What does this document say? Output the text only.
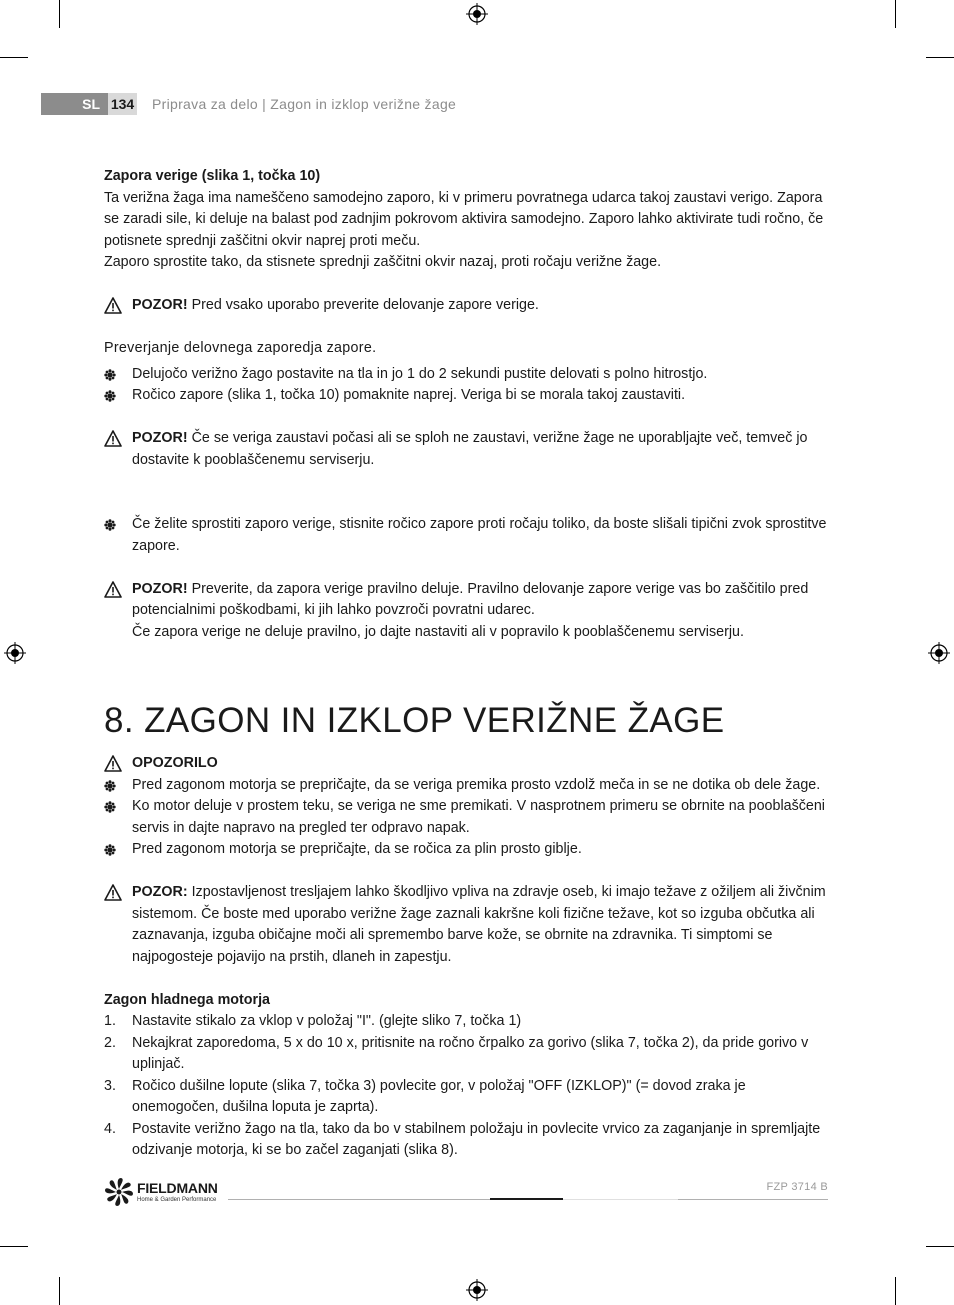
SL 134 Priprava za delo | Zagon in izklop verižne žage

Zapora verige (slika 1, točka 10)

Ta verižna žaga ima nameščeno samodejno zaporo, ki v primeru povratnega udarca takoj zaustavi verigo. Zapora se zaradi sile, ki deluje na balast pod zadnjim pokrovom aktivira samodejno. Zaporo lahko aktivirate tudi ročno, če potisnete sprednji zaščitni okvir naprej proti meču.

Zaporo sprostite tako, da stisnete sprednji zaščitni okvir nazaj, proti ročaju verižne žage.

POZOR! Pred vsako uporabo preverite delovanje zapore verige.

Preverjanje delovnega zaporedja zapore.

Delujočo verižno žago postavite na tla in jo 1 do 2 sekundi pustite delovati s polno hitrostjo.

Ročico zapore (slika 1, točka 10) pomaknite naprej. Veriga bi se morala takoj zaustaviti.

POZOR! Če se veriga zaustavi počasi ali se sploh ne zaustavi, verižne žage ne uporabljajte več, temveč jo dostavite k pooblaščenemu serviserju.

Če želite sprostiti zaporo verige, stisnite ročico zapore proti ročaju toliko, da boste slišali tipični zvok sprostitve zapore.

POZOR! Preverite, da zapora verige pravilno deluje. Pravilno delovanje zapore verige vas bo zaščitilo pred potencialnimi poškodbami, ki jih lahko povzroči povratni udarec.

Če zapora verige ne deluje pravilno, jo dajte nastaviti ali v popravilo k pooblaščenemu serviserju.

8. ZAGON IN IZKLOP VERIŽNE ŽAGE

OPOZORILO

Pred zagonom motorja se prepričajte, da se veriga premika prosto vzdolž meča in se ne dotika ob dele žage.

Ko motor deluje v prostem teku, se veriga ne sme premikati. V nasprotnem primeru se obrnite na pooblaščeni servis in dajte napravo na pregled ter odpravo napak.

Pred zagonom motorja se prepričajte, da se ročica za plin prosto giblje.

POZOR: Izpostavljenost tresljajem lahko škodljivo vpliva na zdravje oseb, ki imajo težave z ožiljem ali živčnim sistemom. Če boste med uporabo verižne žage zaznali kakršne koli fizične težave, kot so izguba občutka ali zaznavanja, izguba običajne moči ali spremembo barve kože, se obrnite na zdravnika. Ti simptomi se najpogosteje pojavijo na prstih, dlaneh in zapestju.

Zagon hladnega motorja

1. Nastavite stikalo za vklop v položaj "I". (glejte sliko 7, točka 1)

2. Nekajkrat zaporedoma, 5 x do 10 x, pritisnite na ročno črpalko za gorivo (slika 7, točka 2), da pride gorivo v uplinjač.

3. Ročico dušilne lopute (slika 7, točka 3) povlecite gor, v položaj "OFF (IZKLOP)" (= dovod zraka je onemogočen, dušilna loputa je zaprta).

4. Postavite verižno žago na tla, tako da bo v stabilnem položaju in povlecite vrvico za zaganjanje in spremljajte odzivanje motorja, ki se bo začel zaganjati (slika 8).

FIELDMANN
Home & Garden Performance
FZP 3714 B
